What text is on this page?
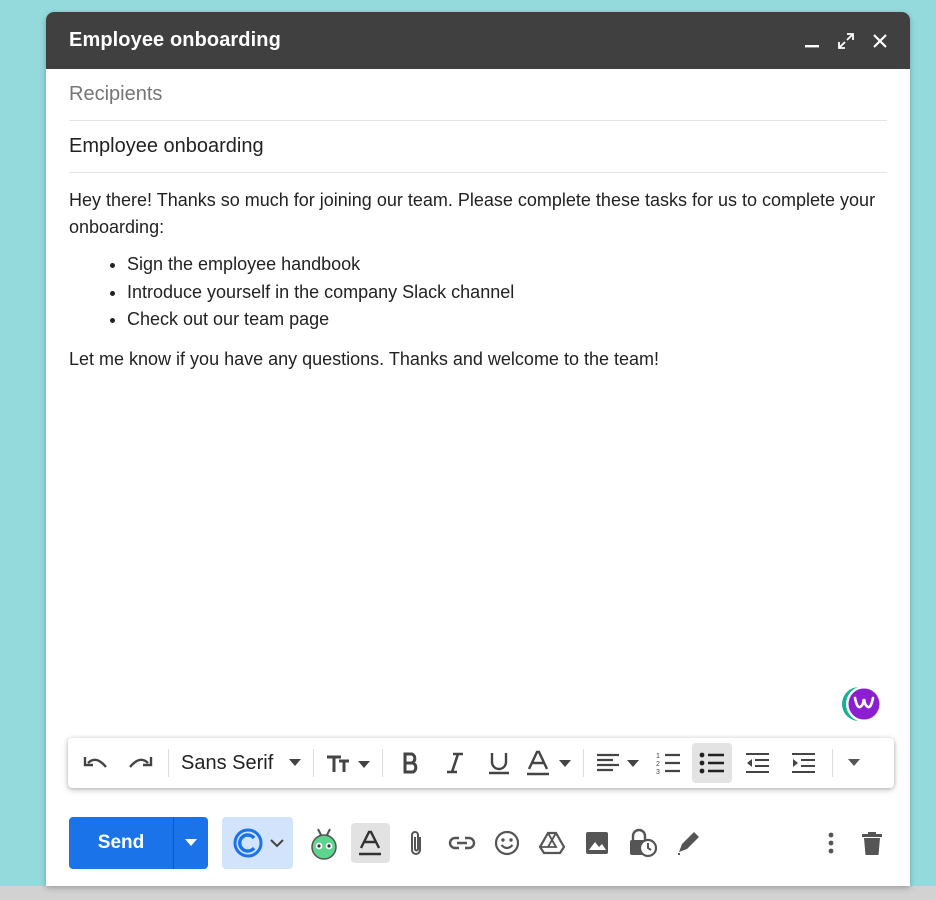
Employee onboarding
Recipients
Employee onboarding

Hey there! Thanks so much for joining our team. Please complete these tasks for us to complete your onboarding:

• Sign the employee handbook
• Introduce yourself in the company Slack channel
• Check out our team page

Let me know if you have any questions. Thanks and welcome to the team!

Sans Serif	1
2
3
Send
